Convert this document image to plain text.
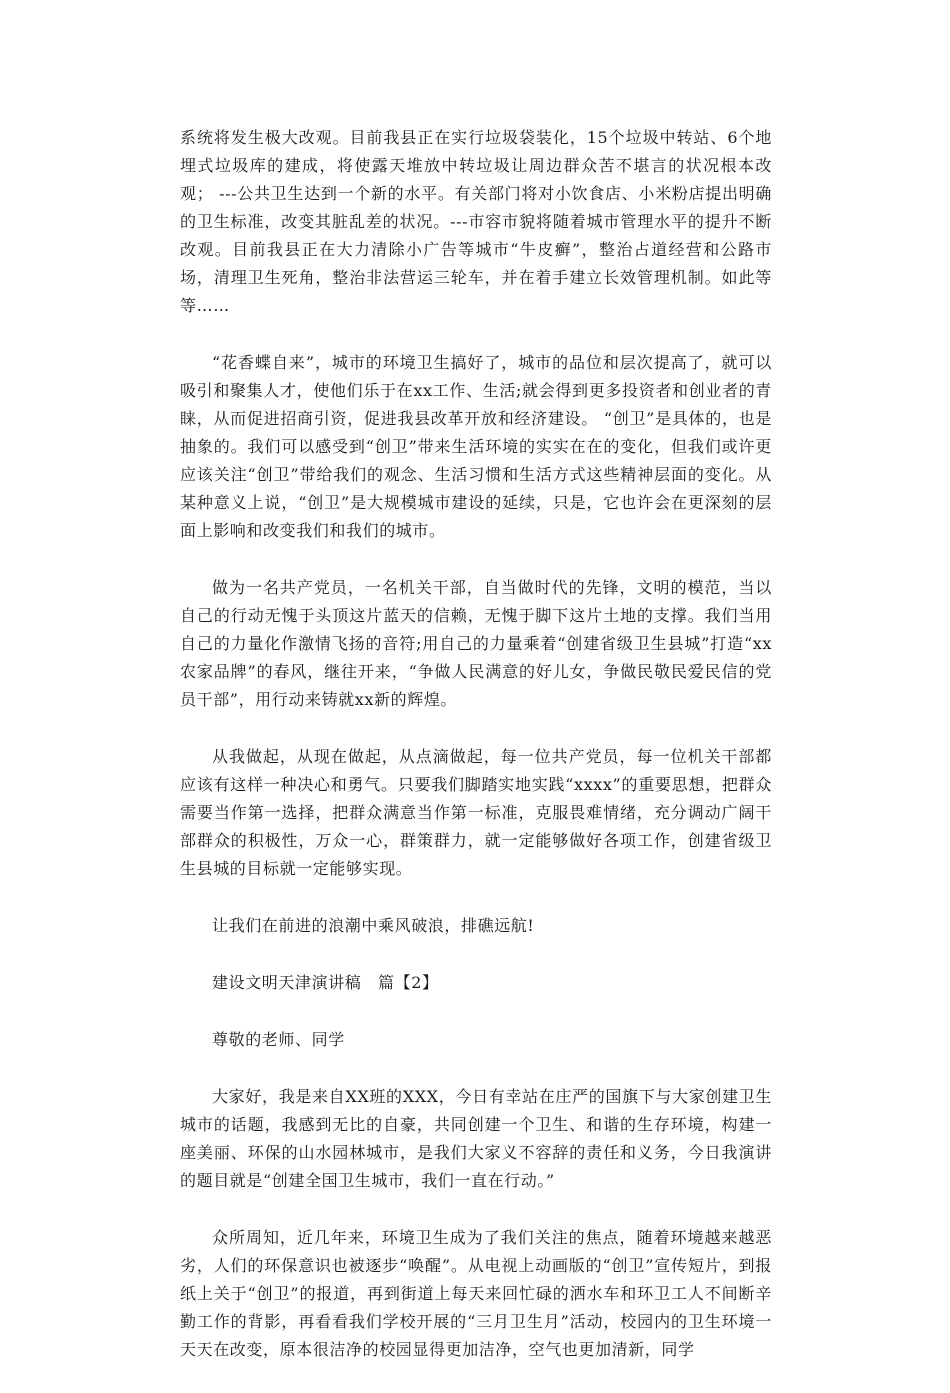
系统将发生极大改观。目前我县正在实行垃圾袋装化，15个垃圾中转站、6个地埋式垃圾库的建成，将使露天堆放中转垃圾让周边群众苦不堪言的状况根本改观； ---公共卫生达到一个新的水平。有关部门将对小饮食店、小米粉店提出明确的卫生标准，改变其脏乱差的状况。---市容市貌将随着城市管理水平的提升不断改观。目前我县正在大力清除小广告等城市“牛皮癣”，整治占道经营和公路市场，清理卫生死角，整治非法营运三轮车，并在着手建立长效管理机制。如此等等……

“花香蝶自来”，城市的环境卫生搞好了，城市的品位和层次提高了，就可以吸引和聚集人才，使他们乐于在xx工作、生活;就会得到更多投资者和创业者的青睐，从而促进招商引资，促进我县改革开放和经济建设。 “创卫”是具体的，也是抽象的。我们可以感受到“创卫”带来生活环境的实实在在的变化，但我们或许更应该关注“创卫”带给我们的观念、生活习惯和生活方式这些精神层面的变化。从某种意义上说，“创卫”是大规模城市建设的延续，只是，它也许会在更深刻的层面上影响和改变我们和我们的城市。

做为一名共产党员，一名机关干部，自当做时代的先锋，文明的模范，当以自己的行动无愧于头顶这片蓝天的信赖，无愧于脚下这片土地的支撑。我们当用自己的力量化作激情飞扬的音符;用自己的力量乘着“创建省级卫生县城”打造“xx农家品牌”的春风，继往开来，“争做人民满意的好儿女，争做民敬民爱民信的党员干部”，用行动来铸就xx新的辉煌。

从我做起，从现在做起，从点滴做起，每一位共产党员，每一位机关干部都应该有这样一种决心和勇气。只要我们脚踏实地实践“xxxx”的重要思想，把群众需要当作第一选择，把群众满意当作第一标准，克服畏难情绪，充分调动广阔干部群众的积极性，万众一心，群策群力，就一定能够做好各项工作，创建省级卫生县城的目标就一定能够实现。

让我们在前进的浪潮中乘风破浪，排礁远航!

建设文明天津演讲稿　篇【2】

尊敬的老师、同学

大家好，我是来自XX班的XXX，今日有幸站在庄严的国旗下与大家创建卫生城市的话题，我感到无比的自豪，共同创建一个卫生、和谐的生存环境，构建一座美丽、环保的山水园林城市，是我们大家义不容辞的责任和义务，今日我演讲的题目就是“创建全国卫生城市，我们一直在行动。”

众所周知，近几年来，环境卫生成为了我们关注的焦点，随着环境越来越恶劣，人们的环保意识也被逐步“唤醒”。从电视上动画版的“创卫”宣传短片，到报纸上关于“创卫”的报道，再到街道上每天来回忙碌的洒水车和环卫工人不间断辛勤工作的背影，再看看我们学校开展的“三月卫生月”活动，校园内的卫生环境一天天在改变，原本很洁净的校园显得更加洁净，空气也更加清新，同学
